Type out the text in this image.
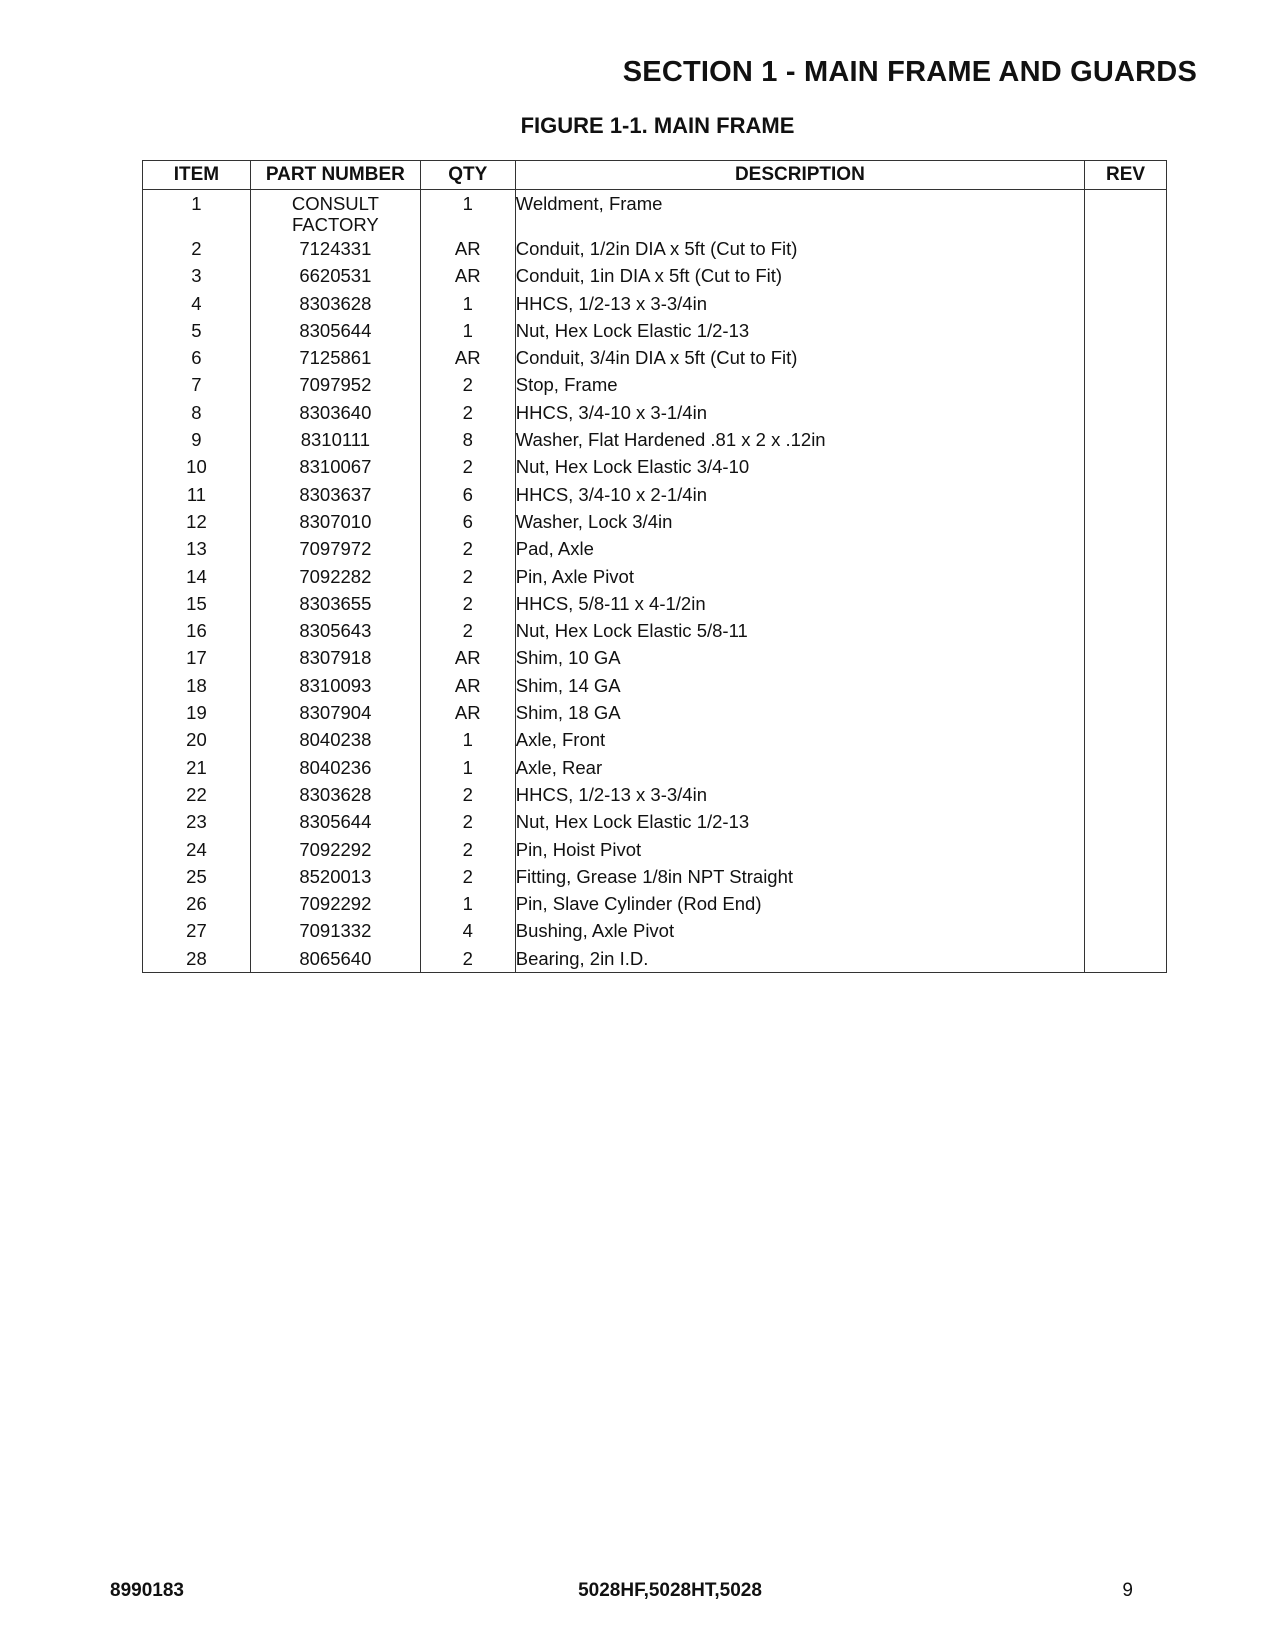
SECTION 1 - MAIN FRAME AND GUARDS
FIGURE 1-1. MAIN FRAME
ITEM	PART NUMBER	QTY	DESCRIPTION	REV
1	CONSULT FACTORY	1	Weldment, Frame	
2	7124331	AR	Conduit, 1/2in DIA x 5ft (Cut to Fit)	
3	6620531	AR	Conduit, 1in DIA x 5ft (Cut to Fit)	
4	8303628	1	HHCS, 1/2-13 x 3-3/4in	
5	8305644	1	Nut, Hex Lock Elastic 1/2-13	
6	7125861	AR	Conduit, 3/4in DIA x 5ft (Cut to Fit)	
7	7097952	2	Stop, Frame	
8	8303640	2	HHCS, 3/4-10 x 3-1/4in	
9	8310111	8	Washer, Flat Hardened .81 x 2 x .12in	
10	8310067	2	Nut, Hex Lock Elastic 3/4-10	
11	8303637	6	HHCS, 3/4-10 x 2-1/4in	
12	8307010	6	Washer, Lock 3/4in	
13	7097972	2	Pad, Axle	
14	7092282	2	Pin, Axle Pivot	
15	8303655	2	HHCS, 5/8-11 x 4-1/2in	
16	8305643	2	Nut, Hex Lock Elastic 5/8-11	
17	8307918	AR	Shim, 10 GA	
18	8310093	AR	Shim, 14 GA	
19	8307904	AR	Shim, 18 GA	
20	8040238	1	Axle, Front	
21	8040236	1	Axle, Rear	
22	8303628	2	HHCS, 1/2-13 x 3-3/4in	
23	8305644	2	Nut, Hex Lock Elastic 1/2-13	
24	7092292	2	Pin, Hoist Pivot	
25	8520013	2	Fitting, Grease 1/8in NPT Straight	
26	7092292	1	Pin, Slave Cylinder (Rod End)	
27	7091332	4	Bushing, Axle Pivot	
28	8065640	2	Bearing, 2in I.D.	
8990183	5028HF,5028HT,5028	9
